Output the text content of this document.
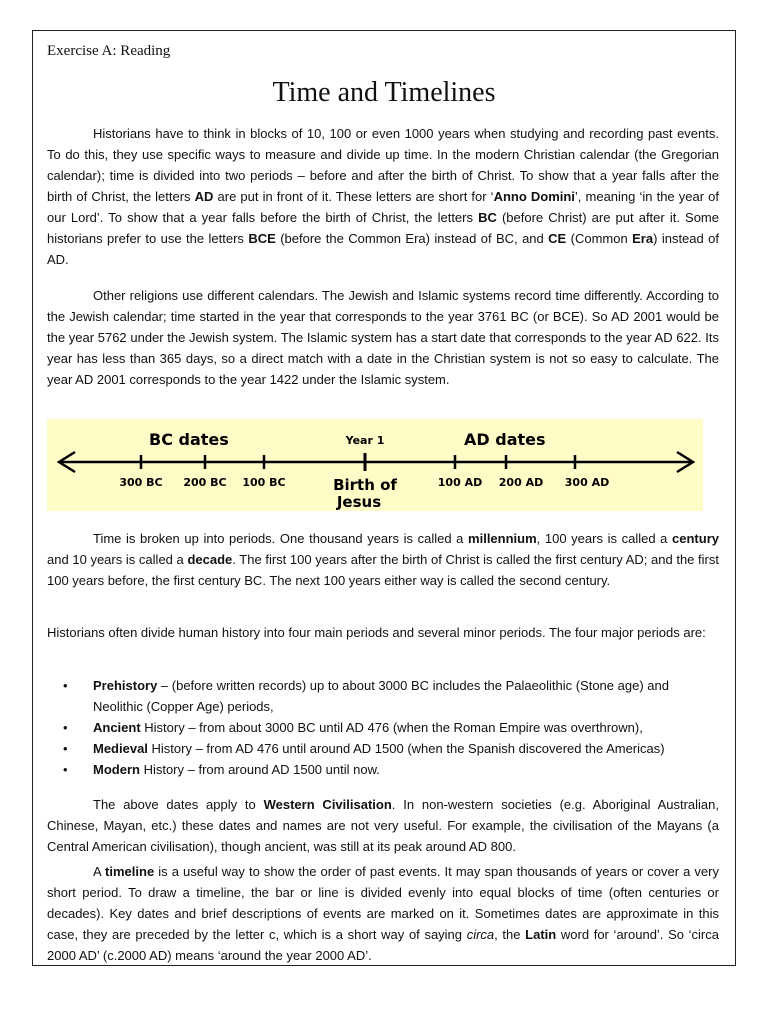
Exercise A: Reading
Time and Timelines

Historians have to think in blocks of 10, 100 or even 1000 years when studying and recording past events. To do this, they use specific ways to measure and divide up time. In the modern Christian calendar (the Gregorian calendar); time is divided into two periods – before and after the birth of Christ. To show that a year falls after the birth of Christ, the letters AD are put in front of it. These letters are short for ‘Anno Domini’, meaning ‘in the year of our Lord’. To show that a year falls before the birth of Christ, the letters BC (before Christ) are put after it. Some historians prefer to use the letters BCE (before the Common Era) instead of BC, and CE (Common Era) instead of AD.

Other religions use different calendars. The Jewish and Islamic systems record time differently. According to the Jewish calendar; time started in the year that corresponds to the year 3761 BC (or BCE). So AD 2001 would be the year 5762 under the Jewish system. The Islamic system has a start date that corresponds to the year AD 622. Its year has less than 365 days, so a direct match with a date in the Christian system is not so easy to calculate. The year AD 2001 corresponds to the year 1422 under the Islamic system.

BC dates	AD dates
Year 1
300 BC 200 BC 100 BC	100 AD 200 AD 300 AD
Birth of
Jesus

Time is broken up into periods. One thousand years is called a millennium, 100 years is called a century and 10 years is called a decade. The first 100 years after the birth of Christ is called the first century AD; and the first 100 years before, the first century BC. The next 100 years either way is called the second century.

Historians often divide human history into four main periods and several minor periods. The four major periods are:

• Prehistory – (before written records) up to about 3000 BC includes the Palaeolithic (Stone age) and Neolithic (Copper Age) periods,
• Ancient History – from about 3000 BC until AD 476 (when the Roman Empire was overthrown),
• Medieval History – from AD 476 until around AD 1500 (when the Spanish discovered the Americas)
• Modern History – from around AD 1500 until now.

The above dates apply to Western Civilisation. In non-western societies (e.g. Aboriginal Australian, Chinese, Mayan, etc.) these dates and names are not very useful. For example, the civilisation of the Mayans (a Central American civilisation), though ancient, was still at its peak around AD 800.

A timeline is a useful way to show the order of past events. It may span thousands of years or cover a very short period. To draw a timeline, the bar or line is divided evenly into equal blocks of time (often centuries or decades). Key dates and brief descriptions of events are marked on it. Sometimes dates are approximate in this case, they are preceded by the letter c, which is a short way of saying circa, the Latin word for ‘around’. So ‘circa 2000 AD’ (c.2000 AD) means ‘around the year 2000 AD’.
